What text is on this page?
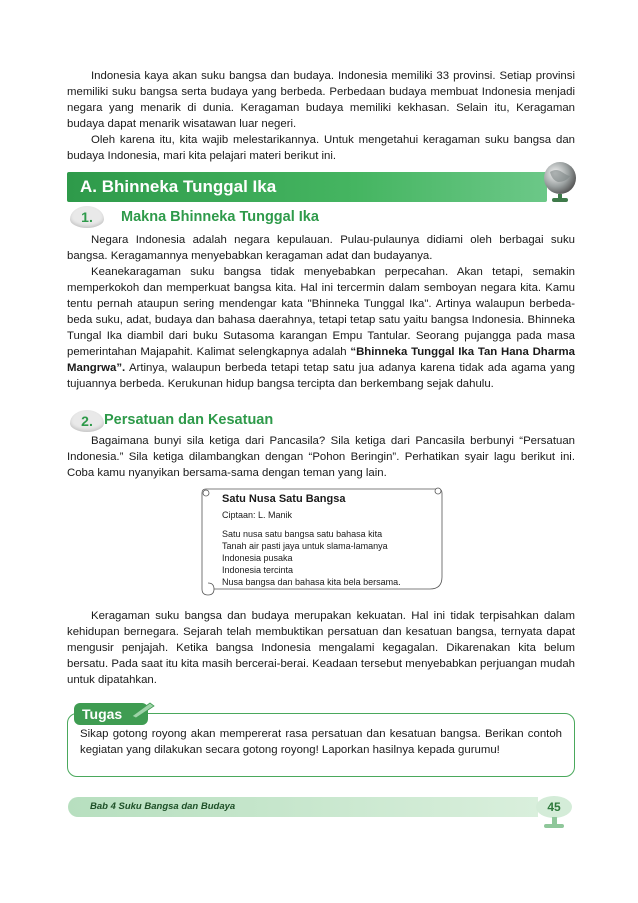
Indonesia kaya akan suku bangsa dan budaya. Indonesia memiliki 33 provinsi. Setiap provinsi memiliki suku bangsa serta budaya yang berbeda. Perbedaan budaya membuat Indonesia menjadi negara yang menarik di dunia. Keragaman budaya memiliki kekhasan. Selain itu, Keragaman budaya dapat menarik wisatawan luar negeri.

Oleh karena itu, kita wajib melestarikannya. Untuk mengetahui keragaman suku bangsa dan budaya Indonesia, mari kita pelajari materi berikut ini.

A. Bhinneka Tunggal Ika
1.	Makna Bhinneka Tunggal Ika

Negara Indonesia adalah negara kepulauan. Pulau-pulaunya didiami oleh berbagai suku bangsa. Keragamannya menyebabkan keragaman adat dan budayanya.

Keanekaragaman suku bangsa tidak menyebabkan perpecahan. Akan tetapi, semakin memperkokoh dan memperkuat bangsa kita. Hal ini tercermin dalam semboyan negara kita. Kamu tentu pernah ataupun sering mendengar kata "Bhinneka Tunggal Ika". Artinya walaupun berbeda-beda suku, adat, budaya dan bahasa daerahnya, tetapi tetap satu yaitu bangsa Indonesia. Bhinneka Tungal Ika diambil dari buku Sutasoma karangan Empu Tantular. Seorang pujangga pada masa pemerintahan Majapahit. Kalimat selengkapnya adalah “Bhinneka Tunggal Ika Tan Hana Dharma Mangrwa”. Artinya, walaupun berbeda tetapi tetap satu jua adanya karena tidak ada agama yang tujuannya berbeda. Kerukunan hidup bangsa tercipta dan berkembang sejak dahulu.

2. Persatuan dan Kesatuan

Bagaimana bunyi sila ketiga dari Pancasila? Sila ketiga dari Pancasila berbunyi “Persatuan Indonesia.” Sila ketiga dilambangkan dengan “Pohon Beringin”. Perhatikan syair lagu berikut ini. Coba kamu nyanyikan bersama-sama dengan teman yang lain.

Satu Nusa Satu Bangsa
Ciptaan: L. Manik
Satu nusa satu bangsa satu bahasa kita
Tanah air pasti jaya untuk slama-lamanya
Indonesia pusaka
Indonesia tercinta
Nusa bangsa dan bahasa kita bela bersama.

Keragaman suku bangsa dan budaya merupakan kekuatan. Hal ini tidak terpisahkan dalam kehidupan bernegara. Sejarah telah membuktikan persatuan dan kesatuan bangsa, ternyata dapat mengusir penjajah. Ketika bangsa Indonesia mengalami kegagalan. Dikarenakan kita belum bersatu. Pada saat itu kita masih bercerai-berai. Keadaan tersebut menyebabkan perjuangan mudah untuk dipatahkan.

Tugas
Sikap gotong royong akan mempererat rasa persatuan dan kesatuan bangsa. Berikan contoh kegiatan yang dilakukan secara gotong royong! Laporkan hasilnya kepada gurumu!
Bab 4 Suku Bangsa dan Budaya	45
